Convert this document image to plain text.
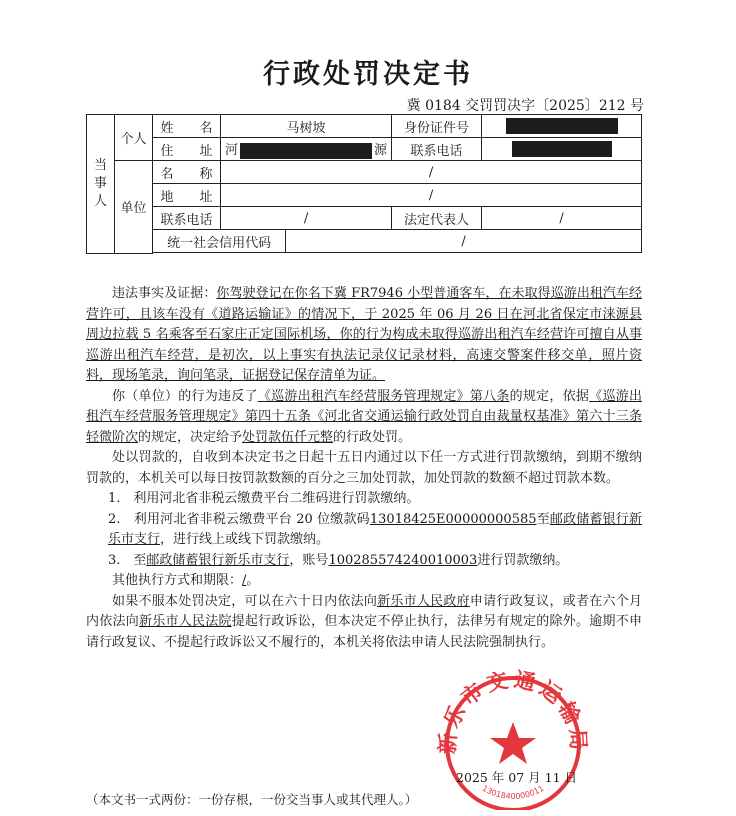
行政处罚决定书
冀 0184 交罚罚决字〔2025〕212 号
当事人	个人	姓　　名	马树坡		身份证件号	
		住　　址	河 源		联系电话	
	单位	名　　称	/			
		地　　址	/			
		联系电话	/		法定代表人	/
		统一社会信用代码		/		

违法事实及证据：你驾驶登记在你名下冀 FR7946 小型普通客车，在未取得巡游出租汽车经营许可，且该车没有《道路运输证》的情况下，于 2025 年 06 月 26 日在河北省保定市涞源县周边拉载 5 名乘客至石家庄正定国际机场，你的行为构成未取得巡游出租汽车经营许可擅自从事巡游出租汽车经营，是初次，以上事实有执法记录仪记录材料，高速交警案件移交单，照片资料，现场笔录，询问笔录，证据登记保存清单为证。

你（单位）的行为违反了《巡游出租汽车经营服务管理规定》第八条的规定，依据《巡游出租汽车经营服务管理规定》第四十五条《河北省交通运输行政处罚自由裁量权基准》第六十三条轻微阶次的规定，决定给予处罚款伍仟元整的行政处罚。

处以罚款的，自收到本决定书之日起十五日内通过以下任一方式进行罚款缴纳，到期不缴纳罚款的，本机关可以每日按罚款数额的百分之三加处罚款，加处罚款的数额不超过罚款本数。

1.　利用河北省非税云缴费平台二维码进行罚款缴纳。

2.　利用河北省非税云缴费平台 20 位缴款码13018425E00000000585至邮政储蓄银行新乐市支行，进行线上或线下罚款缴纳。

3.　至邮政储蓄银行新乐市支行，账号100285574240010003进行罚款缴纳。

其他执行方式和期限：/。

如果不服本处罚决定，可以在六十日内依法向新乐市人民政府申请行政复议，或者在六个月内依法向新乐市人民法院提起行政诉讼，但本决定不停止执行，法律另有规定的除外。逾期不申请行政复议、不提起行政诉讼又不履行的，本机关将依法申请人民法院强制执行。

新乐市交通运输局
1301840000011
2025 年 07 月 11 日
（本文书一式两份：一份存根，一份交当事人或其代理人。）
